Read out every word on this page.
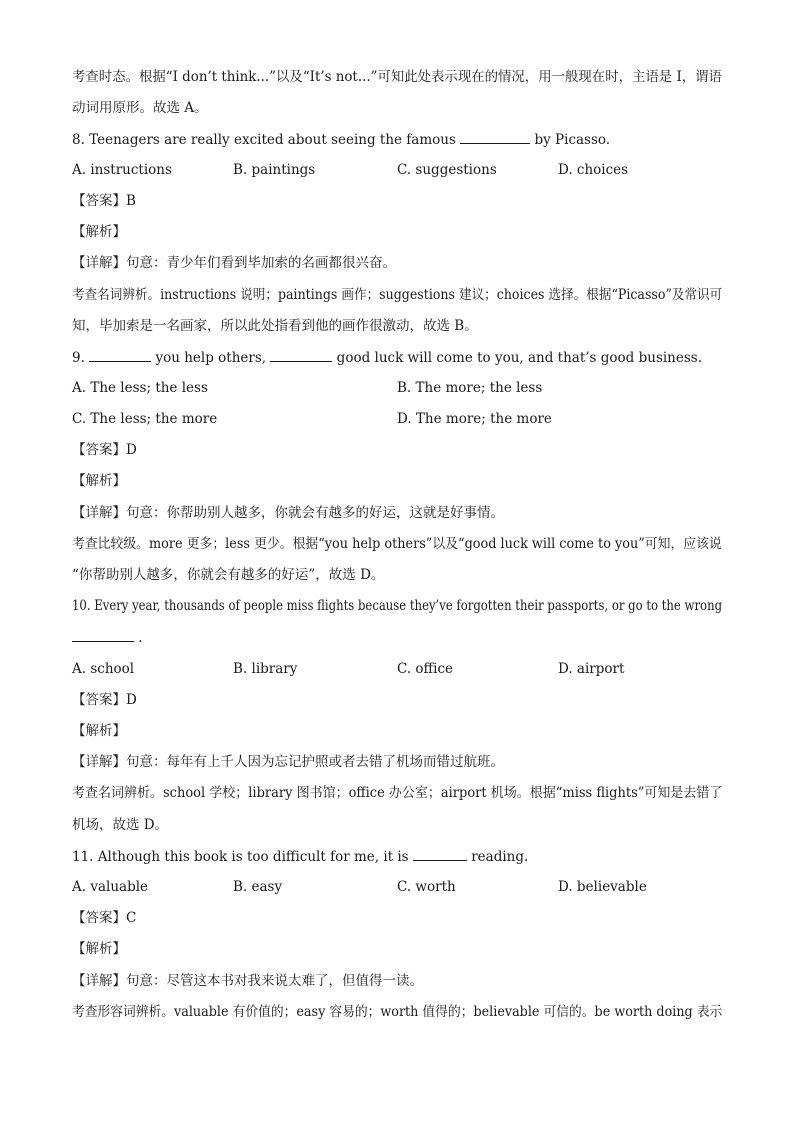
考查时态。根据“I don’t think...”以及“It’s not...”可知此处表示现在的情况，用一般现在时，主语是 I，谓语
动词用原形。故选 A。
8. Teenagers are really excited about seeing the famous	by Picasso.
A. instructions	B. paintings	C. suggestions	D. choices
【答案】B
【解析】
【详解】句意：青少年们看到毕加索的名画都很兴奋。
考查名词辨析。instructions 说明；paintings 画作；suggestions 建议；choices 选择。根据“Picasso”及常识可
知，毕加索是一名画家，所以此处指看到他的画作很激动，故选 B。
9.	you help others,	good luck will come to you, and that’s good business.
A. The less; the less	B. The more; the less
C. The less; the more	D. The more; the more
【答案】D
【解析】
【详解】句意：你帮助别人越多，你就会有越多的好运，这就是好事情。
考查比较级。more 更多；less 更少。根据“you help others”以及“good luck will come to you”可知，应该说
“你帮助别人越多，你就会有越多的好运”，故选 D。
10. Every year, thousands of people miss flights because they’ve forgotten their passports, or go to the wrong
.
A. school	B. library	C. office	D. airport
【答案】D
【解析】
【详解】句意：每年有上千人因为忘记护照或者去错了机场而错过航班。
考查名词辨析。school 学校；library 图书馆；office 办公室；airport 机场。根据“miss flights”可知是去错了
机场，故选 D。
11. Although this book is too difficult for me, it is	reading.
A. valuable	B. easy	C. worth	D. believable
【答案】C
【解析】
【详解】句意：尽管这本书对我来说太难了，但值得一读。
考查形容词辨析。valuable 有价值的；easy 容易的；worth 值得的；believable 可信的。be worth doing 表示
